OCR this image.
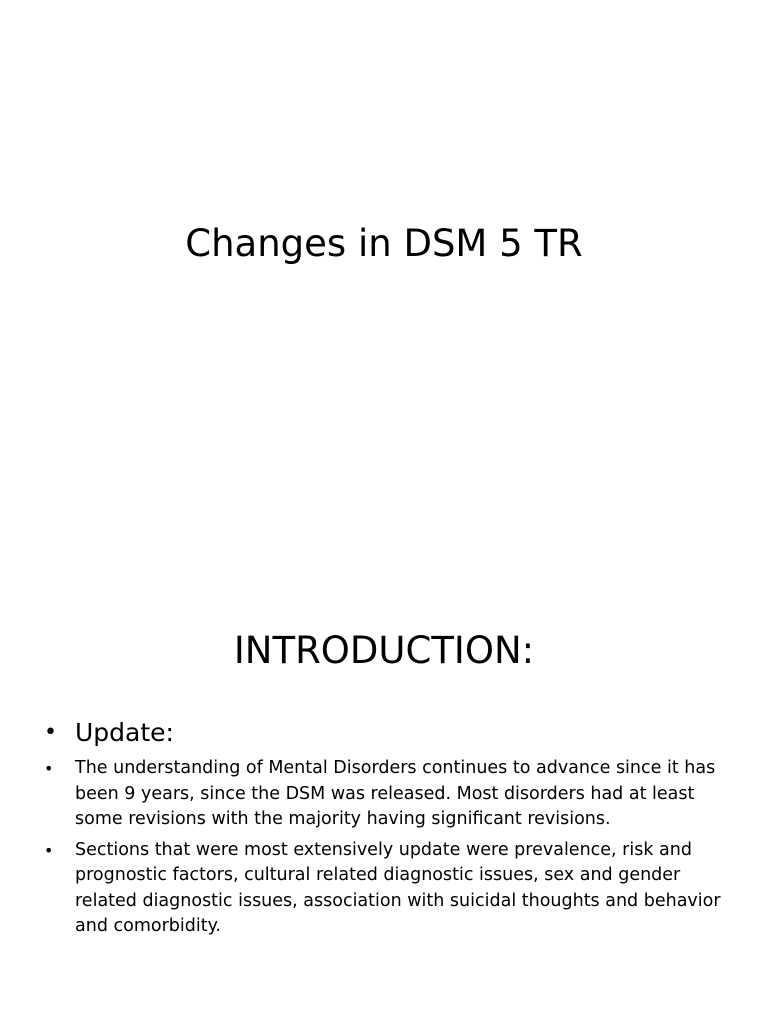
Changes in DSM 5 TR
INTRODUCTION:
• Update:
• The understanding of Mental Disorders continues to advance since it has been 9 years, since the DSM was released. Most disorders had at least some revisions with the majority having significant revisions.
• Sections that were most extensively update were prevalence, risk and prognostic factors, cultural related diagnostic issues, sex and gender related diagnostic issues, association with suicidal thoughts and behavior and comorbidity.
